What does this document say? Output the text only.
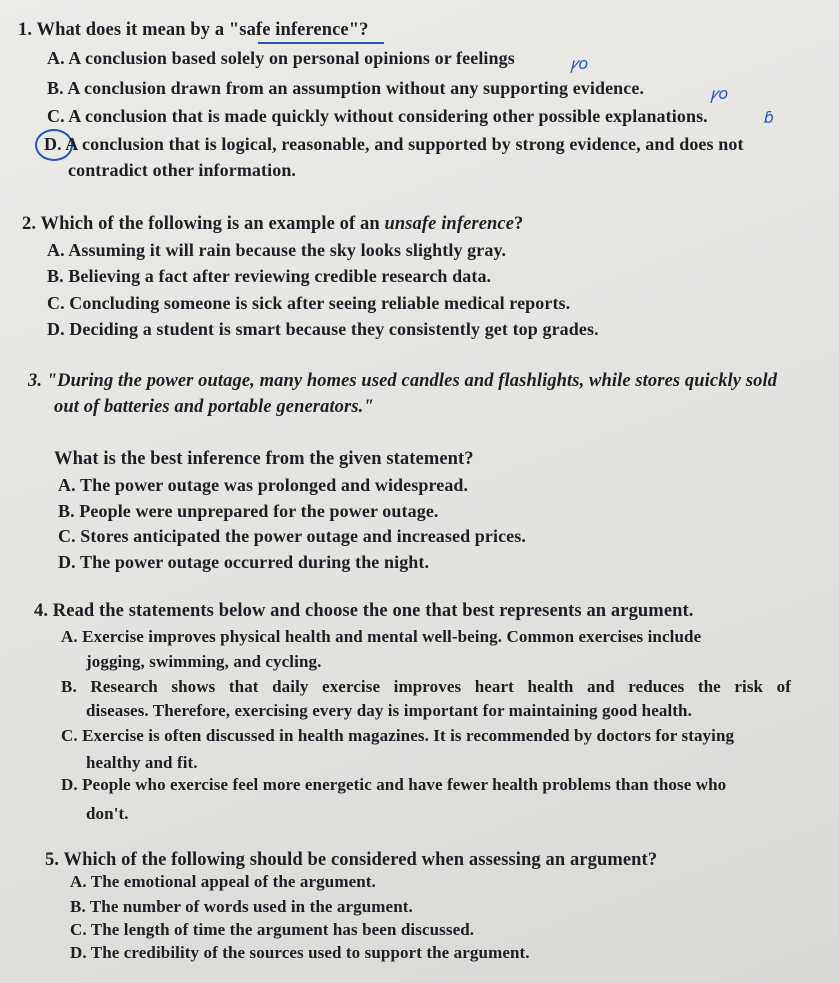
1. What does it mean by a "safe inference"?
A. A conclusion based solely on personal opinions or feelings	ꝩo
B. A conclusion drawn from an assumption without any supporting evidence.	ꝩo
C. A conclusion that is made quickly without considering other possible explanations.	ɓ
D. A conclusion that is logical, reasonable, and supported by strong evidence, and does not
contradict other information.
2. Which of the following is an example of an unsafe inference?
A. Assuming it will rain because the sky looks slightly gray.
B. Believing a fact after reviewing credible research data.
C. Concluding someone is sick after seeing reliable medical reports.
D. Deciding a student is smart because they consistently get top grades.
3. "During the power outage, many homes used candles and flashlights, while stores quickly sold
out of batteries and portable generators."
What is the best inference from the given statement?
A. The power outage was prolonged and widespread.
B. People were unprepared for the power outage.
C. Stores anticipated the power outage and increased prices.
D. The power outage occurred during the night.
4. Read the statements below and choose the one that best represents an argument.
A. Exercise improves physical health and mental well-being. Common exercises include
jogging, swimming, and cycling.
B. Research shows that daily exercise improves heart health and reduces the risk of
diseases. Therefore, exercising every day is important for maintaining good health.
C. Exercise is often discussed in health magazines. It is recommended by doctors for staying
healthy and fit.
D. People who exercise feel more energetic and have fewer health problems than those who
don't.
5. Which of the following should be considered when assessing an argument?
A. The emotional appeal of the argument.
B. The number of words used in the argument.
C. The length of time the argument has been discussed.
D. The credibility of the sources used to support the argument.
